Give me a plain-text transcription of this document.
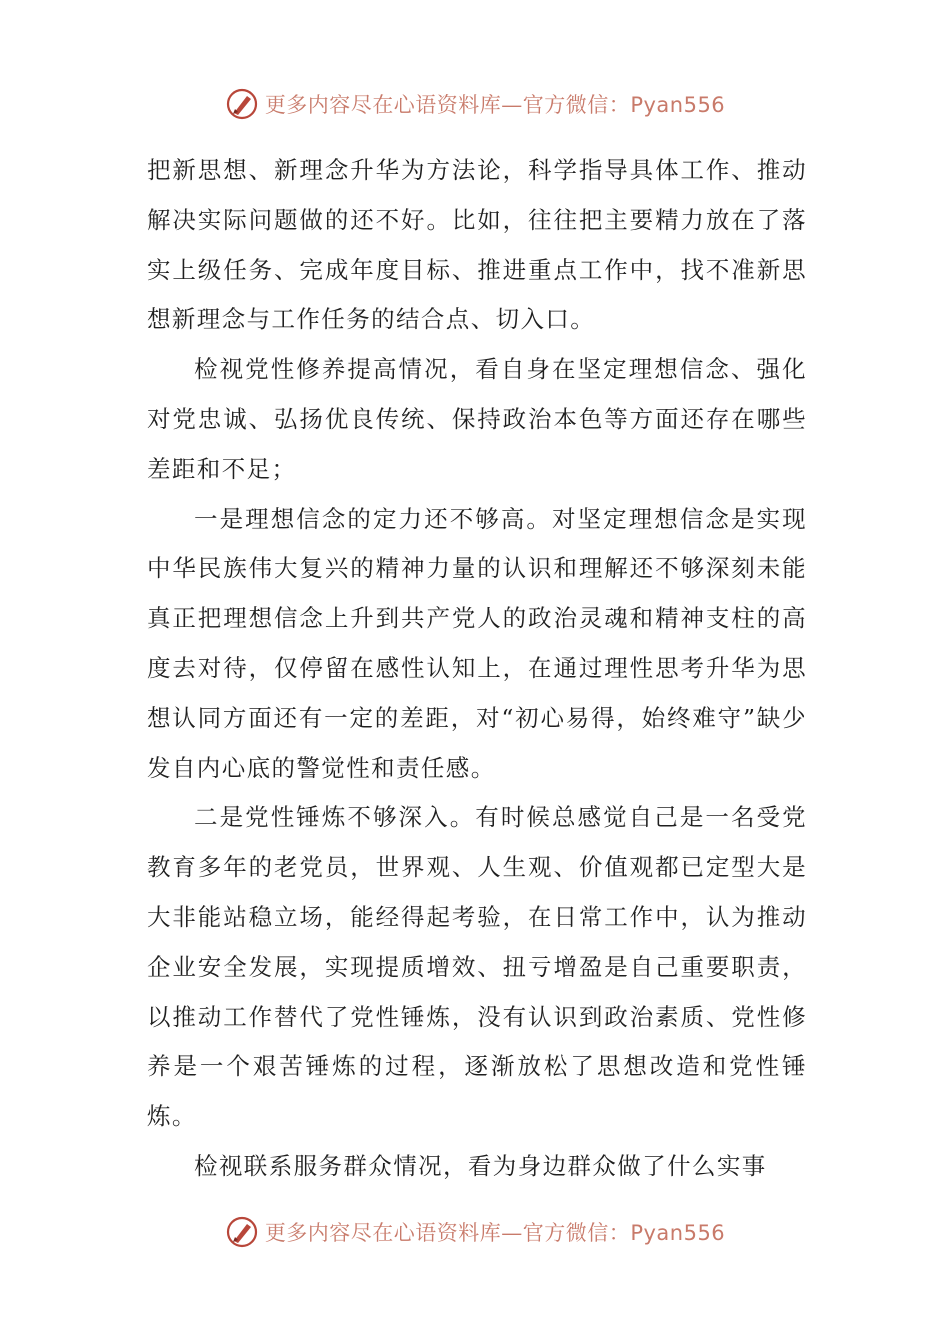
更多内容尽在心语资料库—官方微信：Pyan556

把新思想、新理念升华为方法论，科学指导具体工作、推动解决实际问题做的还不好。比如，往往把主要精力放在了落实上级任务、完成年度目标、推进重点工作中，找不准新思想新理念与工作任务的结合点、切入口。

检视党性修养提高情况，看自身在坚定理想信念、强化对党忠诚、弘扬优良传统、保持政治本色等方面还存在哪些差距和不足；

一是理想信念的定力还不够高。对坚定理想信念是实现中华民族伟大复兴的精神力量的认识和理解还不够深刻未能真正把理想信念上升到共产党人的政治灵魂和精神支柱的高度去对待，仅停留在感性认知上，在通过理性思考升华为思想认同方面还有一定的差距，对“初心易得，始终难守”缺少发自内心底的警觉性和责任感。

二是党性锤炼不够深入。有时候总感觉自己是一名受党教育多年的老党员，世界观、人生观、价值观都已定型大是大非能站稳立场，能经得起考验，在日常工作中，认为推动企业安全发展，实现提质增效、扭亏增盈是自己重要职责，以推动工作替代了党性锤炼，没有认识到政治素质、党性修养是一个艰苦锤炼的过程，逐渐放松了思想改造和党性锤炼。

检视联系服务群众情况，看为身边群众做了什么实事

更多内容尽在心语资料库—官方微信：Pyan556
